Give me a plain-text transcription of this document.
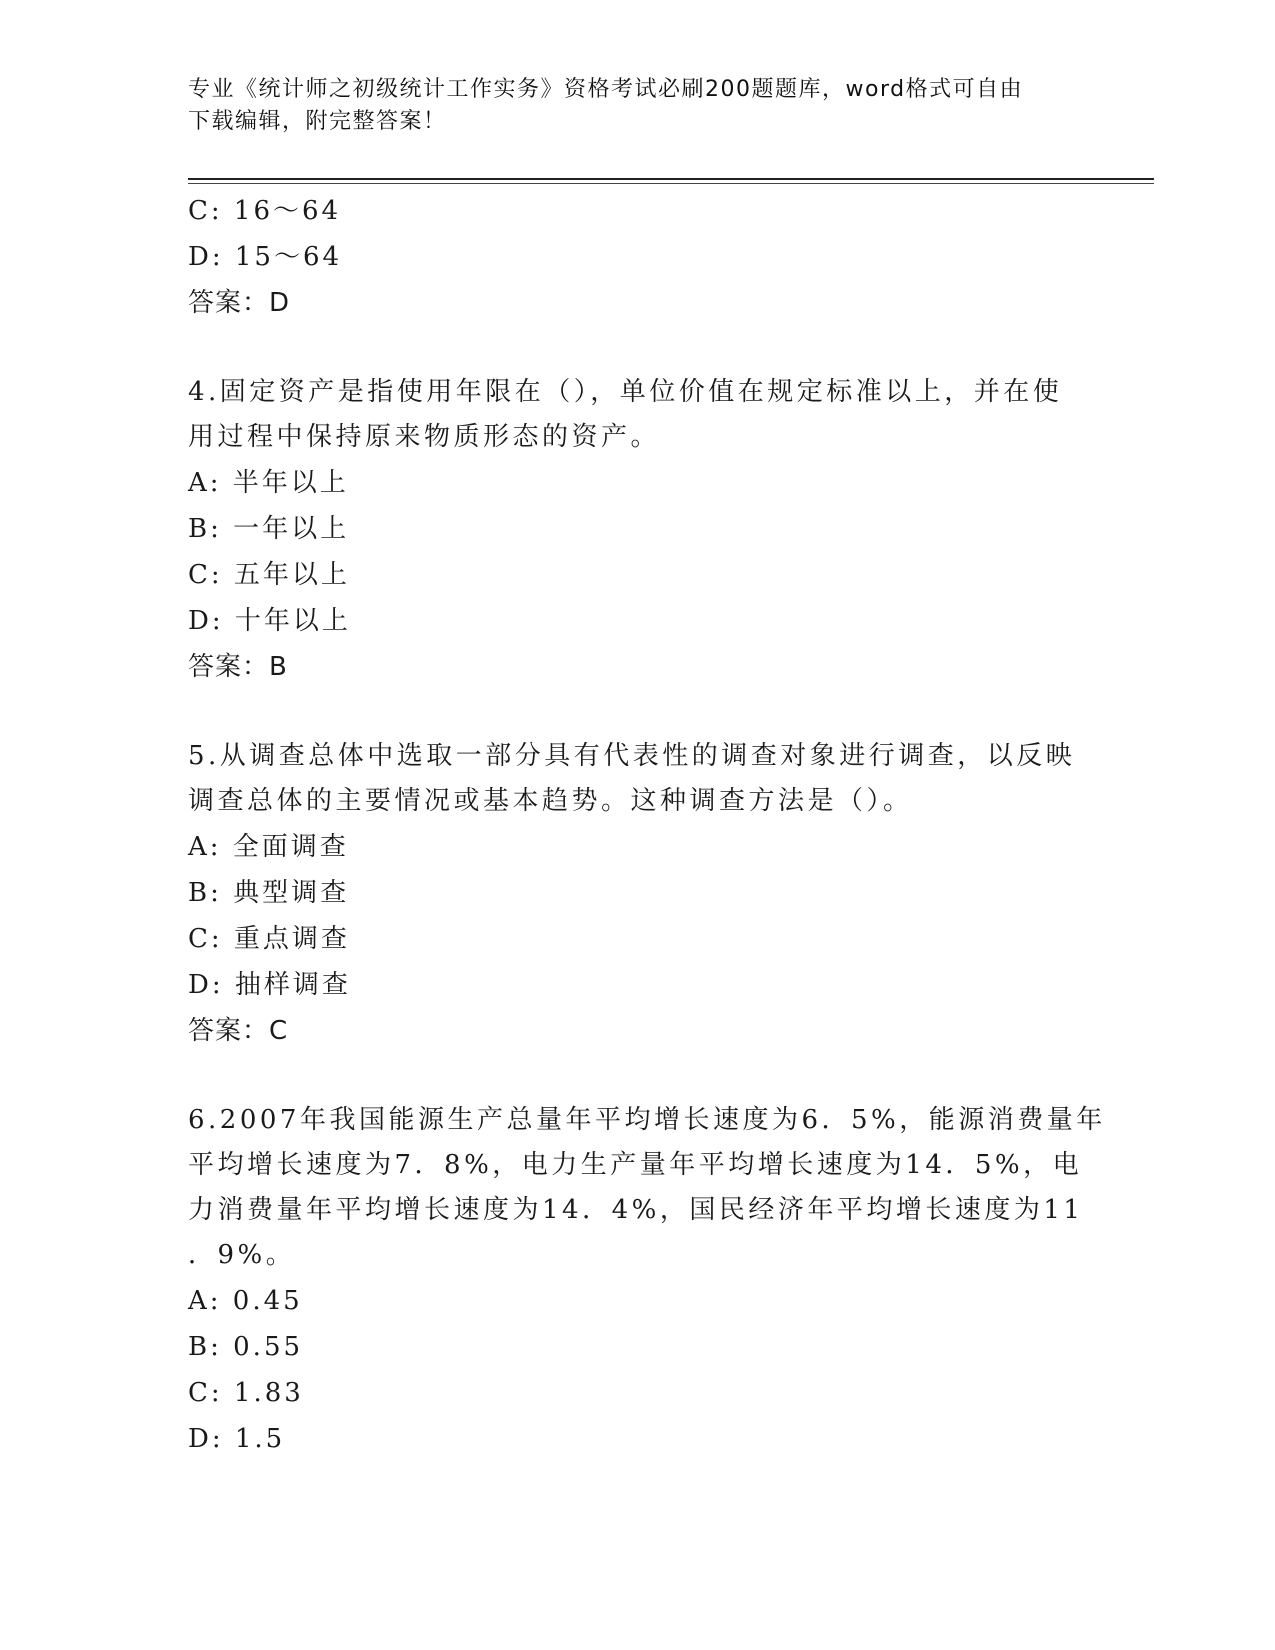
专业《统计师之初级统计工作实务》资格考试必刷200题题库，word格式可自由
下载编辑，附完整答案！
C: 16～64
D: 15～64
答案：D
4.固定资产是指使用年限在（），单位价值在规定标准以上，并在使
用过程中保持原来物质形态的资产。
A: 半年以上
B: 一年以上
C: 五年以上
D: 十年以上
答案：B
5.从调查总体中选取一部分具有代表性的调查对象进行调查，以反映
调查总体的主要情况或基本趋势。这种调查方法是（）。
A: 全面调查
B: 典型调查
C: 重点调查
D: 抽样调查
答案：C
6.2007年我国能源生产总量年平均增长速度为6．5%，能源消费量年
平均增长速度为7．8%，电力生产量年平均增长速度为14．5%，电
力消费量年平均增长速度为14．4%，国民经济年平均增长速度为11
．9%。
A: 0.45
B: 0.55
C: 1.83
D: 1.5
